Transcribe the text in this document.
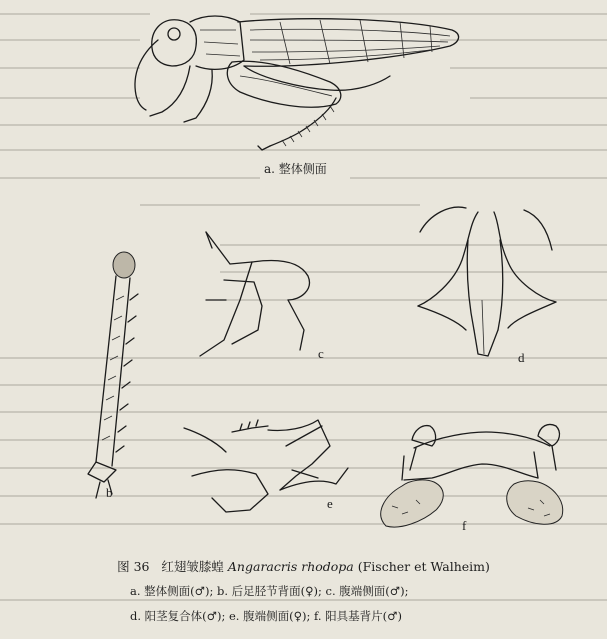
a. 整体侧面
b
c	d
e
f
图 36 红翅皱膝蝗 Angaracris rhodopa (Fischer et Walheim)
a. 整体侧面(♂); b. 后足胫节背面(♀); c. 腹端侧面(♂);
d. 阳茎复合体(♂); e. 腹端侧面(♀); f. 阳具基背片(♂)
